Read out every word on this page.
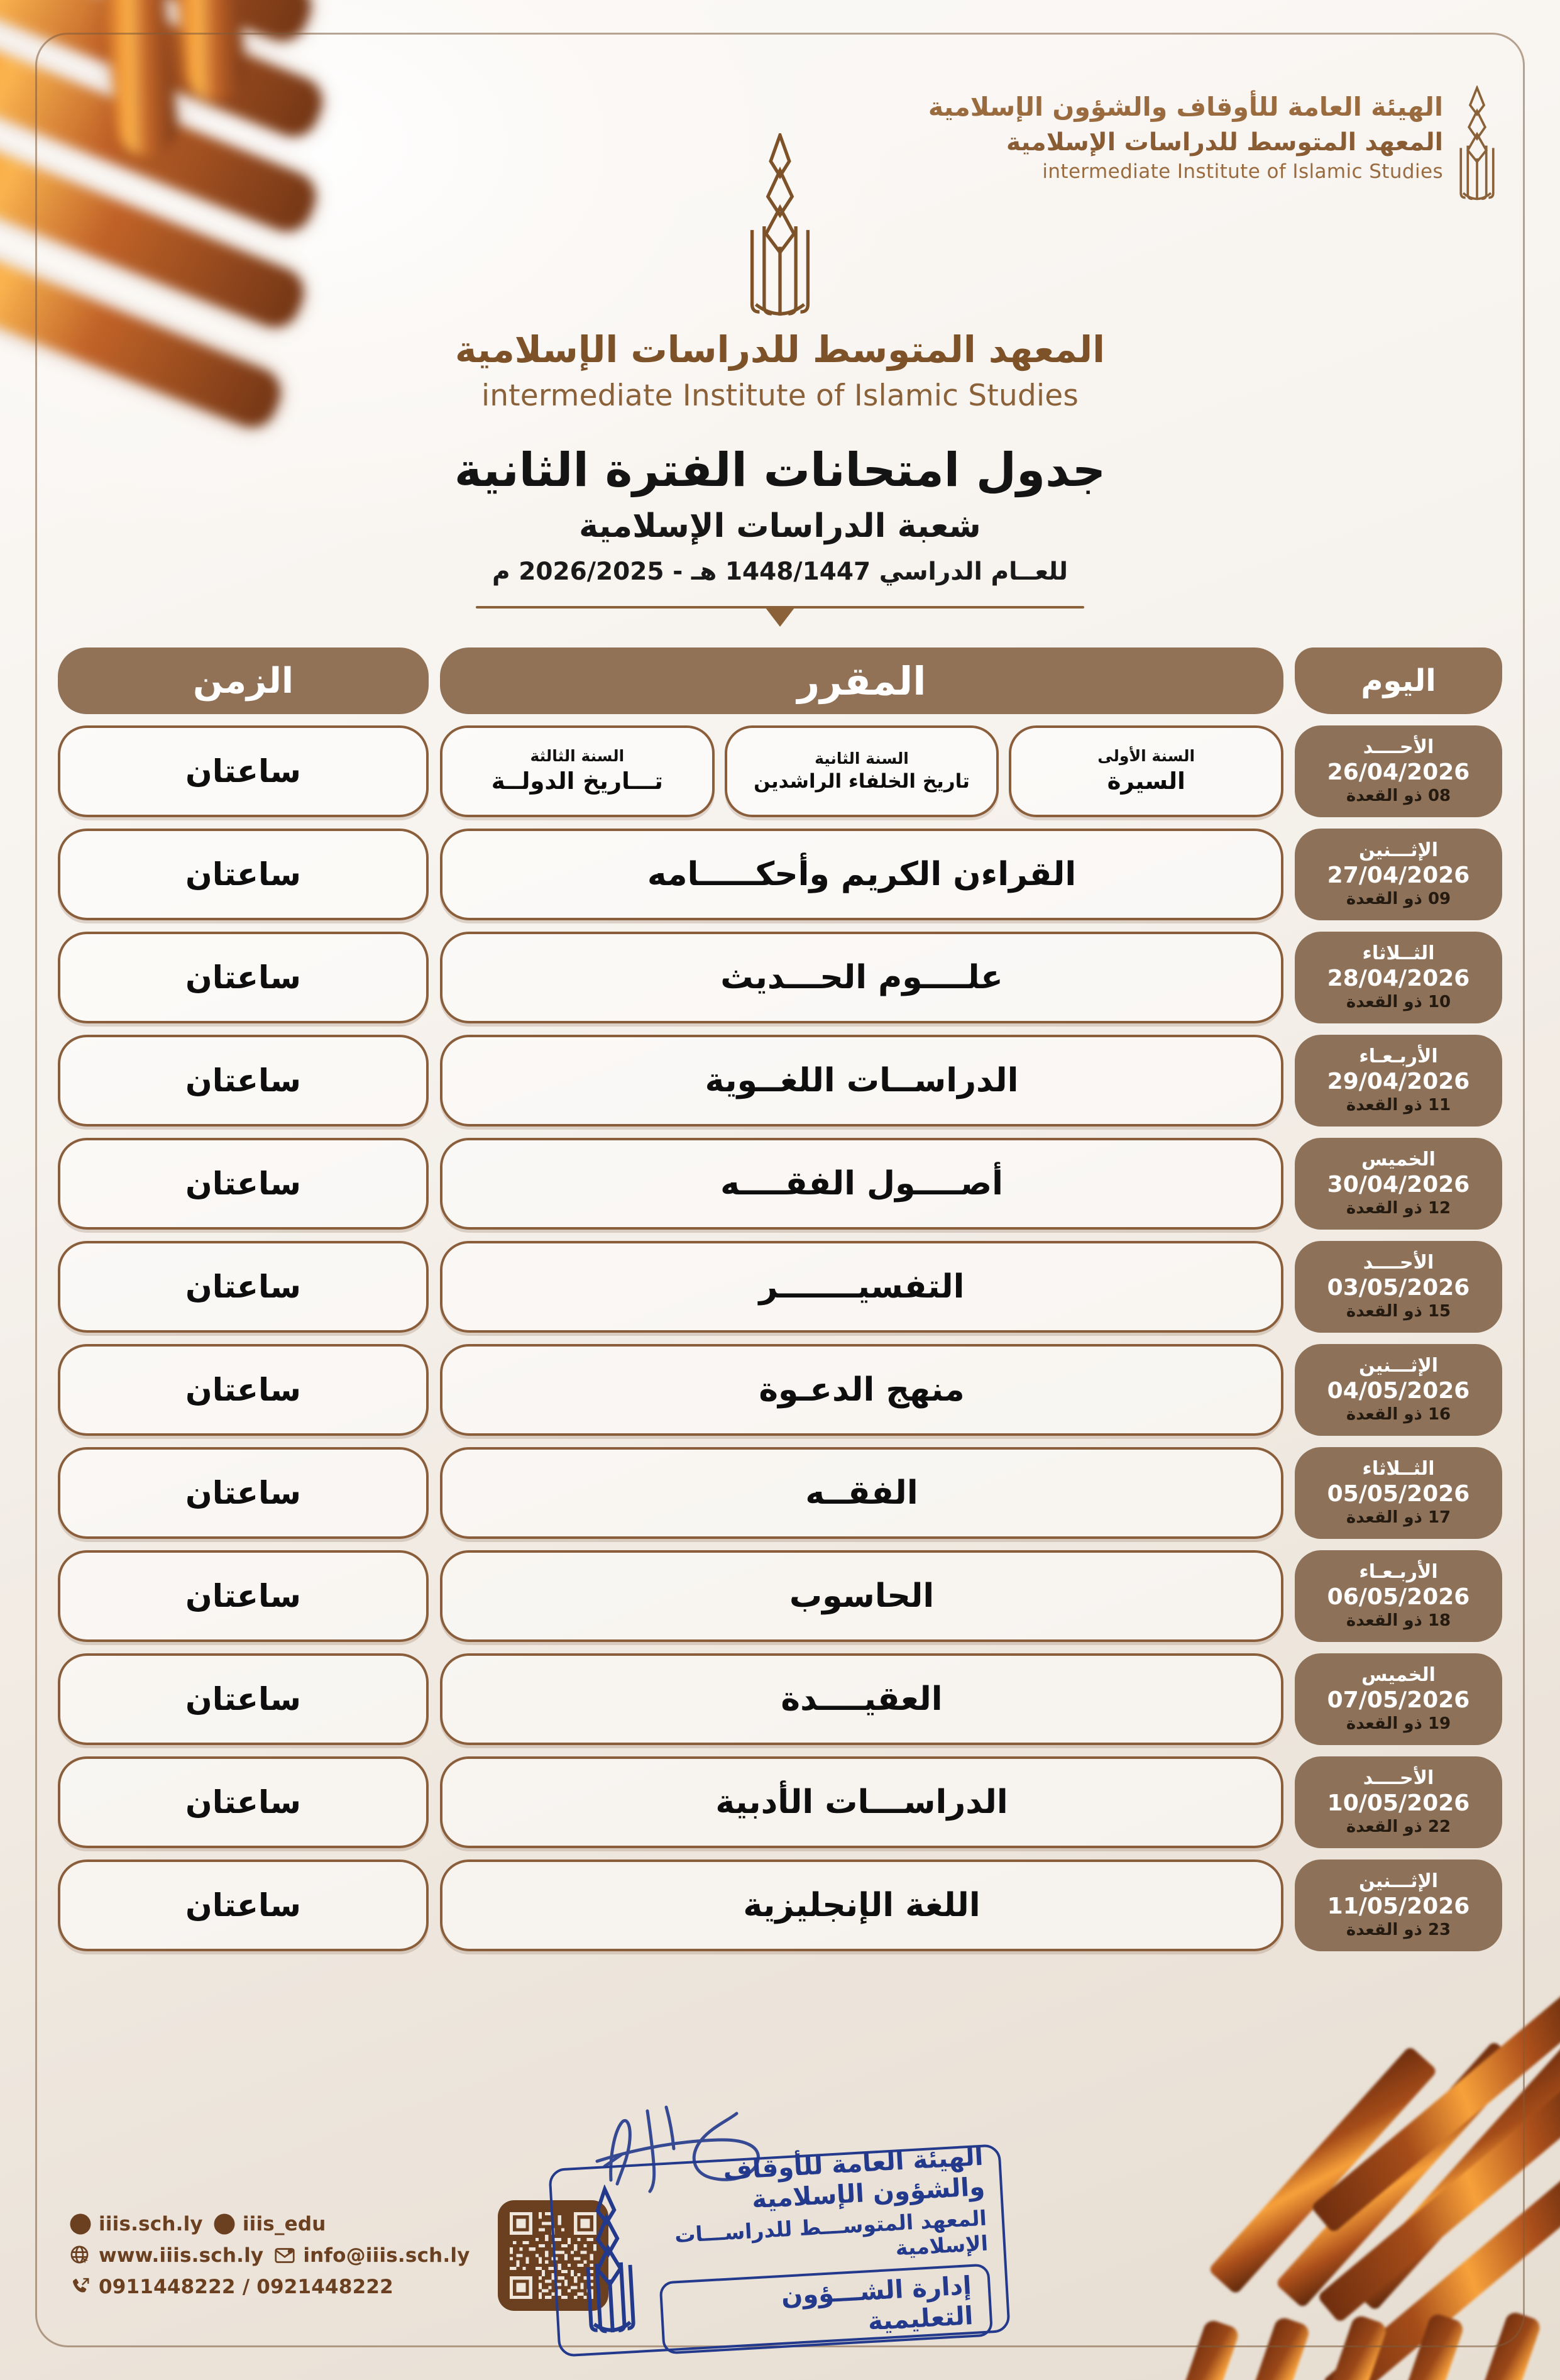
الهيئة العامة للأوقاف والشؤون الإسلامية
المعهد المتوسط للدراسات الإسلامية
intermediate Institute of Islamic Studies
المعهد المتوسط للدراسات الإسلامية
intermediate Institute of Islamic Studies
جدول امتحانات الفترة الثانية
شعبة الدراسات الإسلامية
للعــام الدراسي 1448/1447 هـ - 2026/2025 م
اليوم
المقرر
الزمن
الأحــــد
26/04/2026
08 ذو القعدة
السنة الأولى
السيرة
السنة الثانية
تاريخ الخلفاء الراشدين
السنة الثالثة
تـــاريخ الدولــة
ساعتان
الإثـــنين
27/04/2026
09 ذو القعدة
القراءن الكريم وأحكـــــامه
ساعتان
الثــلاثاء
28/04/2026
10 ذو القعدة
علــــوم الحـــديث
ساعتان
الأربـعـاء
29/04/2026
11 ذو القعدة
الدراســات اللغــوية
ساعتان
الخميس
30/04/2026
12 ذو القعدة
أصــــول الفقــــه
ساعتان
الأحــــد
03/05/2026
15 ذو القعدة
التفسيـــــــر
ساعتان
الإثـــنين
04/05/2026
16 ذو القعدة
منهج الدعـوة
ساعتان
الثــلاثاء
05/05/2026
17 ذو القعدة
الفقــه
ساعتان
الأربـعـاء
06/05/2026
18 ذو القعدة
الحاسوب
ساعتان
الخميس
07/05/2026
19 ذو القعدة
العقيــــدة
ساعتان
الأحــــد
10/05/2026
22 ذو القعدة
الدراســـات الأدبية
ساعتان
الإثـــنين
11/05/2026
23 ذو القعدة
اللغة الإنجليزية
ساعتان
iiis.sch.ly iiis_edu
www.iiis.sch.ly info@iiis.sch.ly
0911448222 / 0921448222
الهيئة العامة للأوقاف والشؤون الإسلامية
المعهد المتوســـط للدراســـات الإسلامية
إدارة الشـــؤون التعليمية
